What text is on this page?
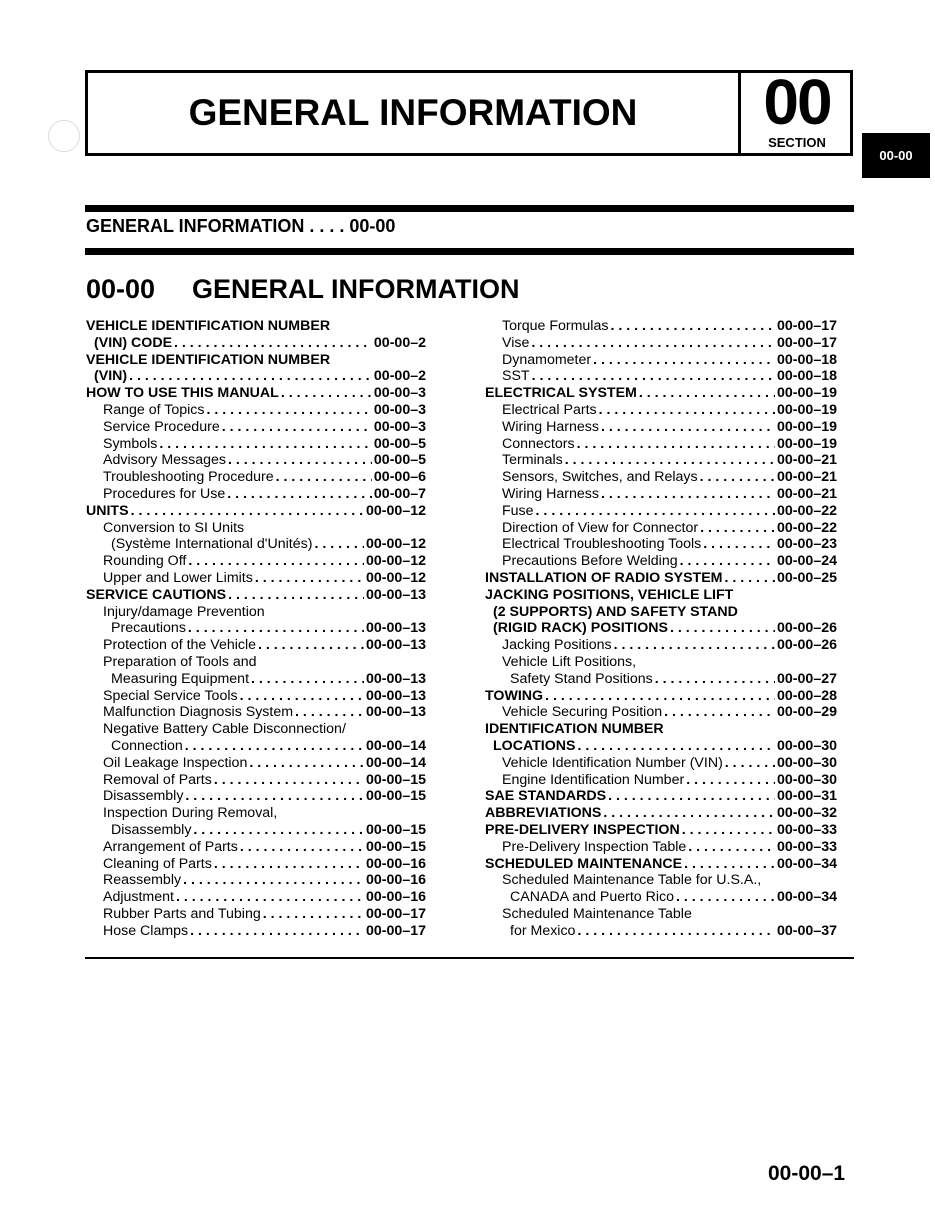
GENERAL INFORMATION	00
SECTION
00-00
GENERAL INFORMATION . . . . 00-00
00-00 GENERAL INFORMATION
VEHICLE IDENTIFICATION NUMBER
(VIN) CODE . . .	00-00–2
VEHICLE IDENTIFICATION NUMBER
(VIN) . . .	00-00–2
HOW TO USE THIS MANUAL . . .	00-00–3
Range of Topics . . .	00-00–3
Service Procedure . . .	00-00–3
Symbols . . .	00-00–5
Advisory Messages . . .	00-00–5
Troubleshooting Procedure . . .	00-00–6
Procedures for Use . . .	00-00–7
UNITS . . .	00-00–12
Conversion to SI Units
(Système International d'Unités) . . .	00-00–12
Rounding Off . . .	00-00–12
Upper and Lower Limits . . .	00-00–12
SERVICE CAUTIONS . . .	00-00–13
Injury/damage Prevention
Precautions . . .	00-00–13
Protection of the Vehicle . . .	00-00–13
Preparation of Tools and
Measuring Equipment . . .	00-00–13
Special Service Tools . . .	00-00–13
Malfunction Diagnosis System . . .	00-00–13
Negative Battery Cable Disconnection/
Connection . . .	00-00–14
Oil Leakage Inspection . . .	00-00–14
Removal of Parts . . .	00-00–15
Disassembly . . .	00-00–15
Inspection During Removal,
Disassembly . . .	00-00–15
Arrangement of Parts . . .	00-00–15
Cleaning of Parts . . .	00-00–16
Reassembly . . .	00-00–16
Adjustment . . .	00-00–16
Rubber Parts and Tubing . . .	00-00–17
Hose Clamps . . .	00-00–17
Torque Formulas . . .	00-00–17
Vise . . .	00-00–17
Dynamometer . . .	00-00–18
SST . . .	00-00–18
ELECTRICAL SYSTEM . . .	00-00–19
Electrical Parts . . .	00-00–19
Wiring Harness . . .	00-00–19
Connectors . . .	00-00–19
Terminals . . .	00-00–21
Sensors, Switches, and Relays . . .	00-00–21
Wiring Harness . . .	00-00–21
Fuse . . .	00-00–22
Direction of View for Connector . . .	00-00–22
Electrical Troubleshooting Tools . . .	00-00–23
Precautions Before Welding . . .	00-00–24
INSTALLATION OF RADIO SYSTEM . . .	00-00–25
JACKING POSITIONS, VEHICLE LIFT
(2 SUPPORTS) AND SAFETY STAND
(RIGID RACK) POSITIONS . . .	00-00–26
Jacking Positions . . .	00-00–26
Vehicle Lift Positions,
Safety Stand Positions . . .	00-00–27
TOWING . . .	00-00–28
Vehicle Securing Position . . .	00-00–29
IDENTIFICATION NUMBER
LOCATIONS . . .	00-00–30
Vehicle Identification Number (VIN) . . .	00-00–30
Engine Identification Number . . .	00-00–30
SAE STANDARDS . . .	00-00–31
ABBREVIATIONS . . .	00-00–32
PRE-DELIVERY INSPECTION . . .	00-00–33
Pre-Delivery Inspection Table . . .	00-00–33
SCHEDULED MAINTENANCE . . .	00-00–34
Scheduled Maintenance Table for U.S.A.,
CANADA and Puerto Rico . . .	00-00–34
Scheduled Maintenance Table
for Mexico . . .	00-00–37
00-00–1
